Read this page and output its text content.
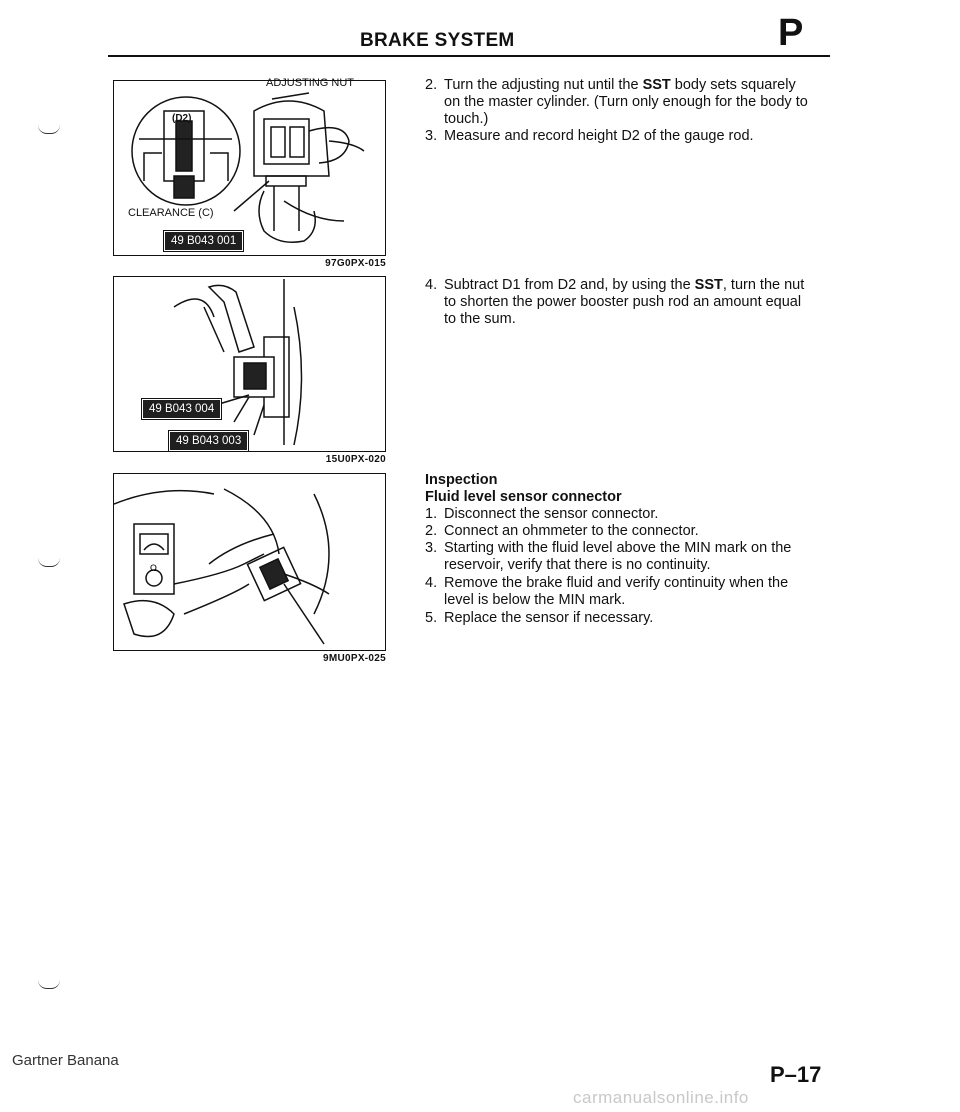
BRAKE SYSTEM	P
ADJUSTING NUT
(D2)
CLEARANCE (C)
49 B043 001
97G0PX-015
49 B043 004
49 B043 003
15U0PX-020
Ω
9MU0PX-025
2. Turn the adjusting nut until the SST body sets squarely on the master cylinder. (Turn only enough for the body to touch.)
3. Measure and record height D2 of the gauge rod.
4. Subtract D1 from D2 and, by using the SST, turn the nut to shorten the power booster push rod an amount equal to the sum.
Inspection
Fluid level sensor connector
1. Disconnect the sensor connector.
2. Connect an ohmmeter to the connector.
3. Starting with the fluid level above the MIN mark on the reservoir, verify that there is no continuity.
4. Remove the brake fluid and verify continuity when the level is below the MIN mark.
5. Replace the sensor if necessary.
Gartner Banana
P–17
carmanualsonline.info
